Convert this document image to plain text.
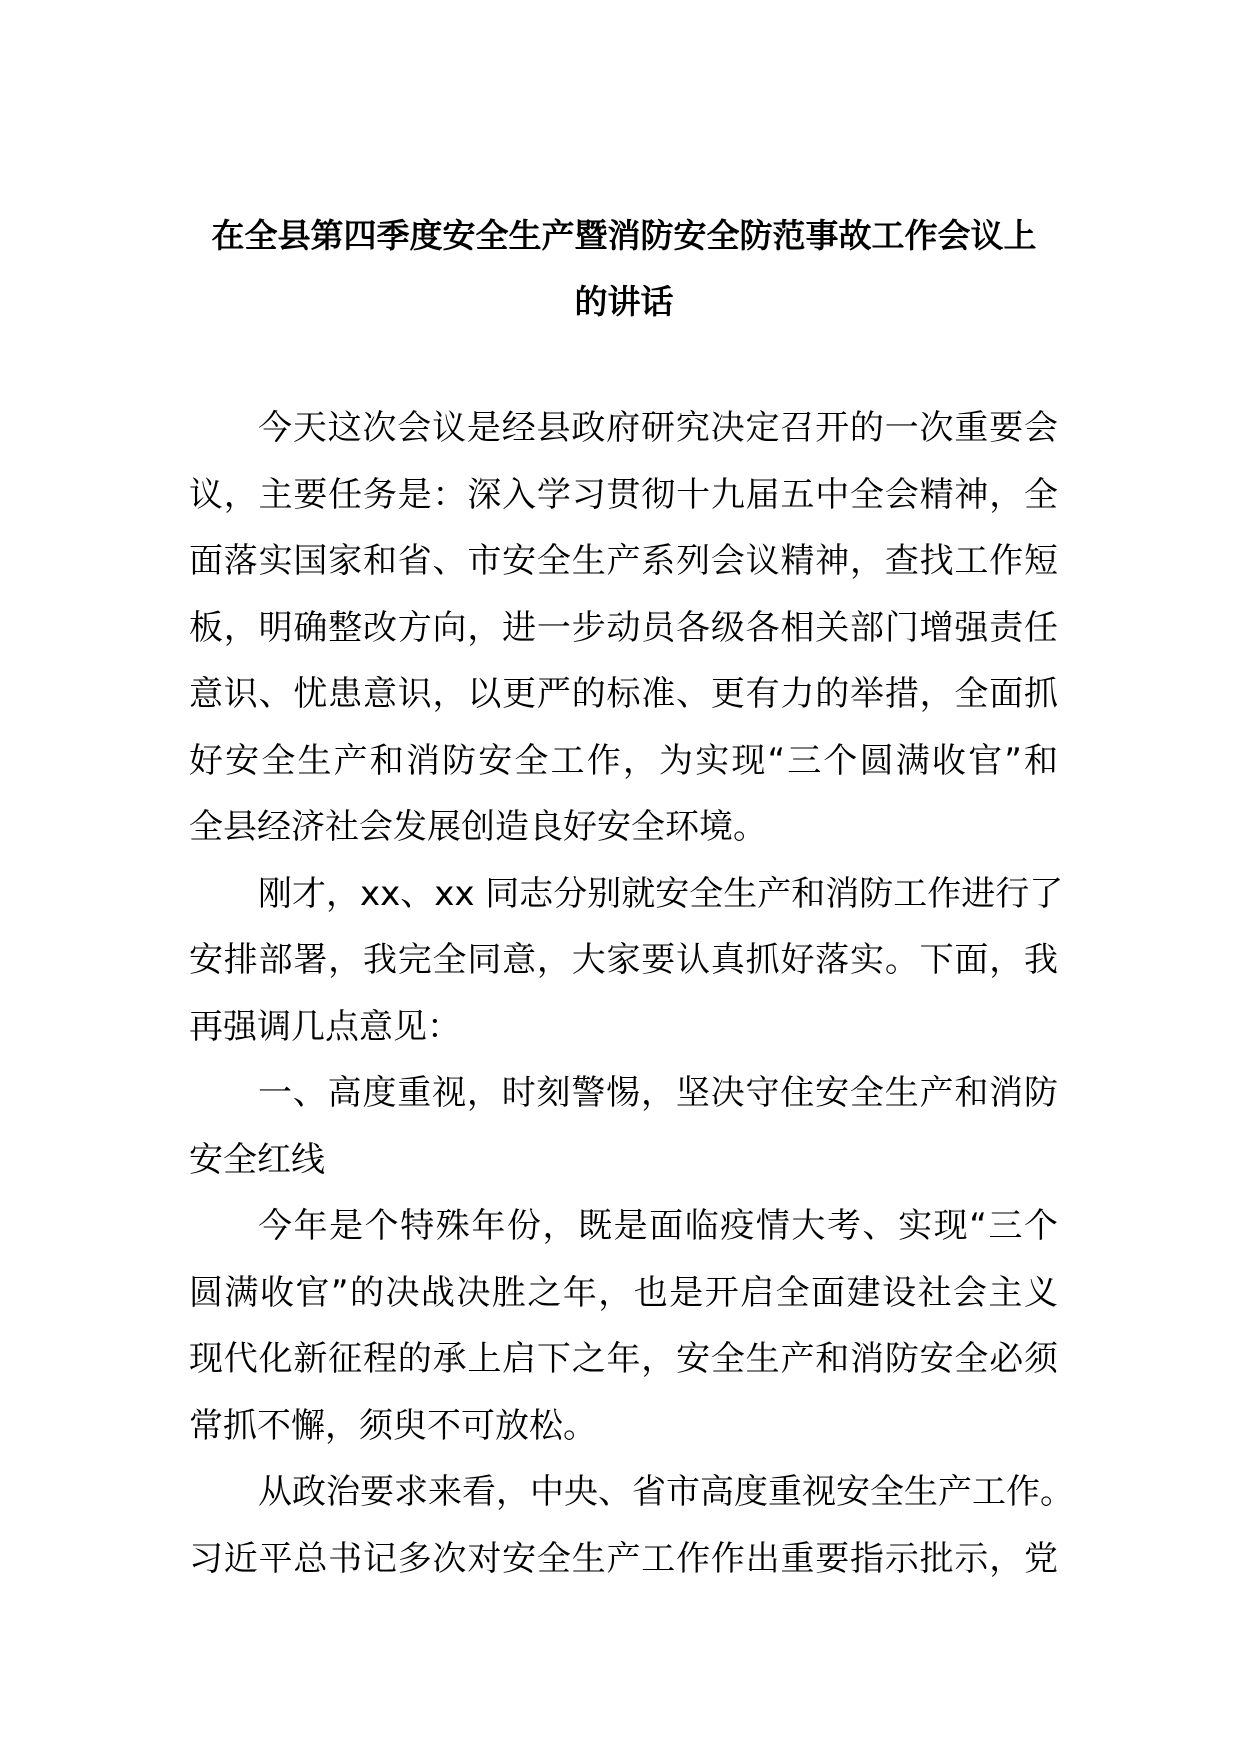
在全县第四季度安全生产暨消防安全防范事故工作会议上
的讲话
今天这次会议是经县政府研究决定召开的一次重要会
议，主要任务是：深入学习贯彻十九届五中全会精神，全
面落实国家和省、市安全生产系列会议精神，查找工作短
板，明确整改方向，进一步动员各级各相关部门增强责任
意识、忧患意识，以更严的标准、更有力的举措，全面抓
好安全生产和消防安全工作，为实现“三个圆满收官”和
全县经济社会发展创造良好安全环境。
刚才，xx、xx 同志分别就安全生产和消防工作进行了
安排部署，我完全同意，大家要认真抓好落实。下面，我
再强调几点意见：
一、高度重视，时刻警惕，坚决守住安全生产和消防
安全红线
今年是个特殊年份，既是面临疫情大考、实现“三个
圆满收官”的决战决胜之年，也是开启全面建设社会主义
现代化新征程的承上启下之年，安全生产和消防安全必须
常抓不懈，须臾不可放松。
从政治要求来看，中央、省市高度重视安全生产工作。
习近平总书记多次对安全生产工作作出重要指示批示，党
